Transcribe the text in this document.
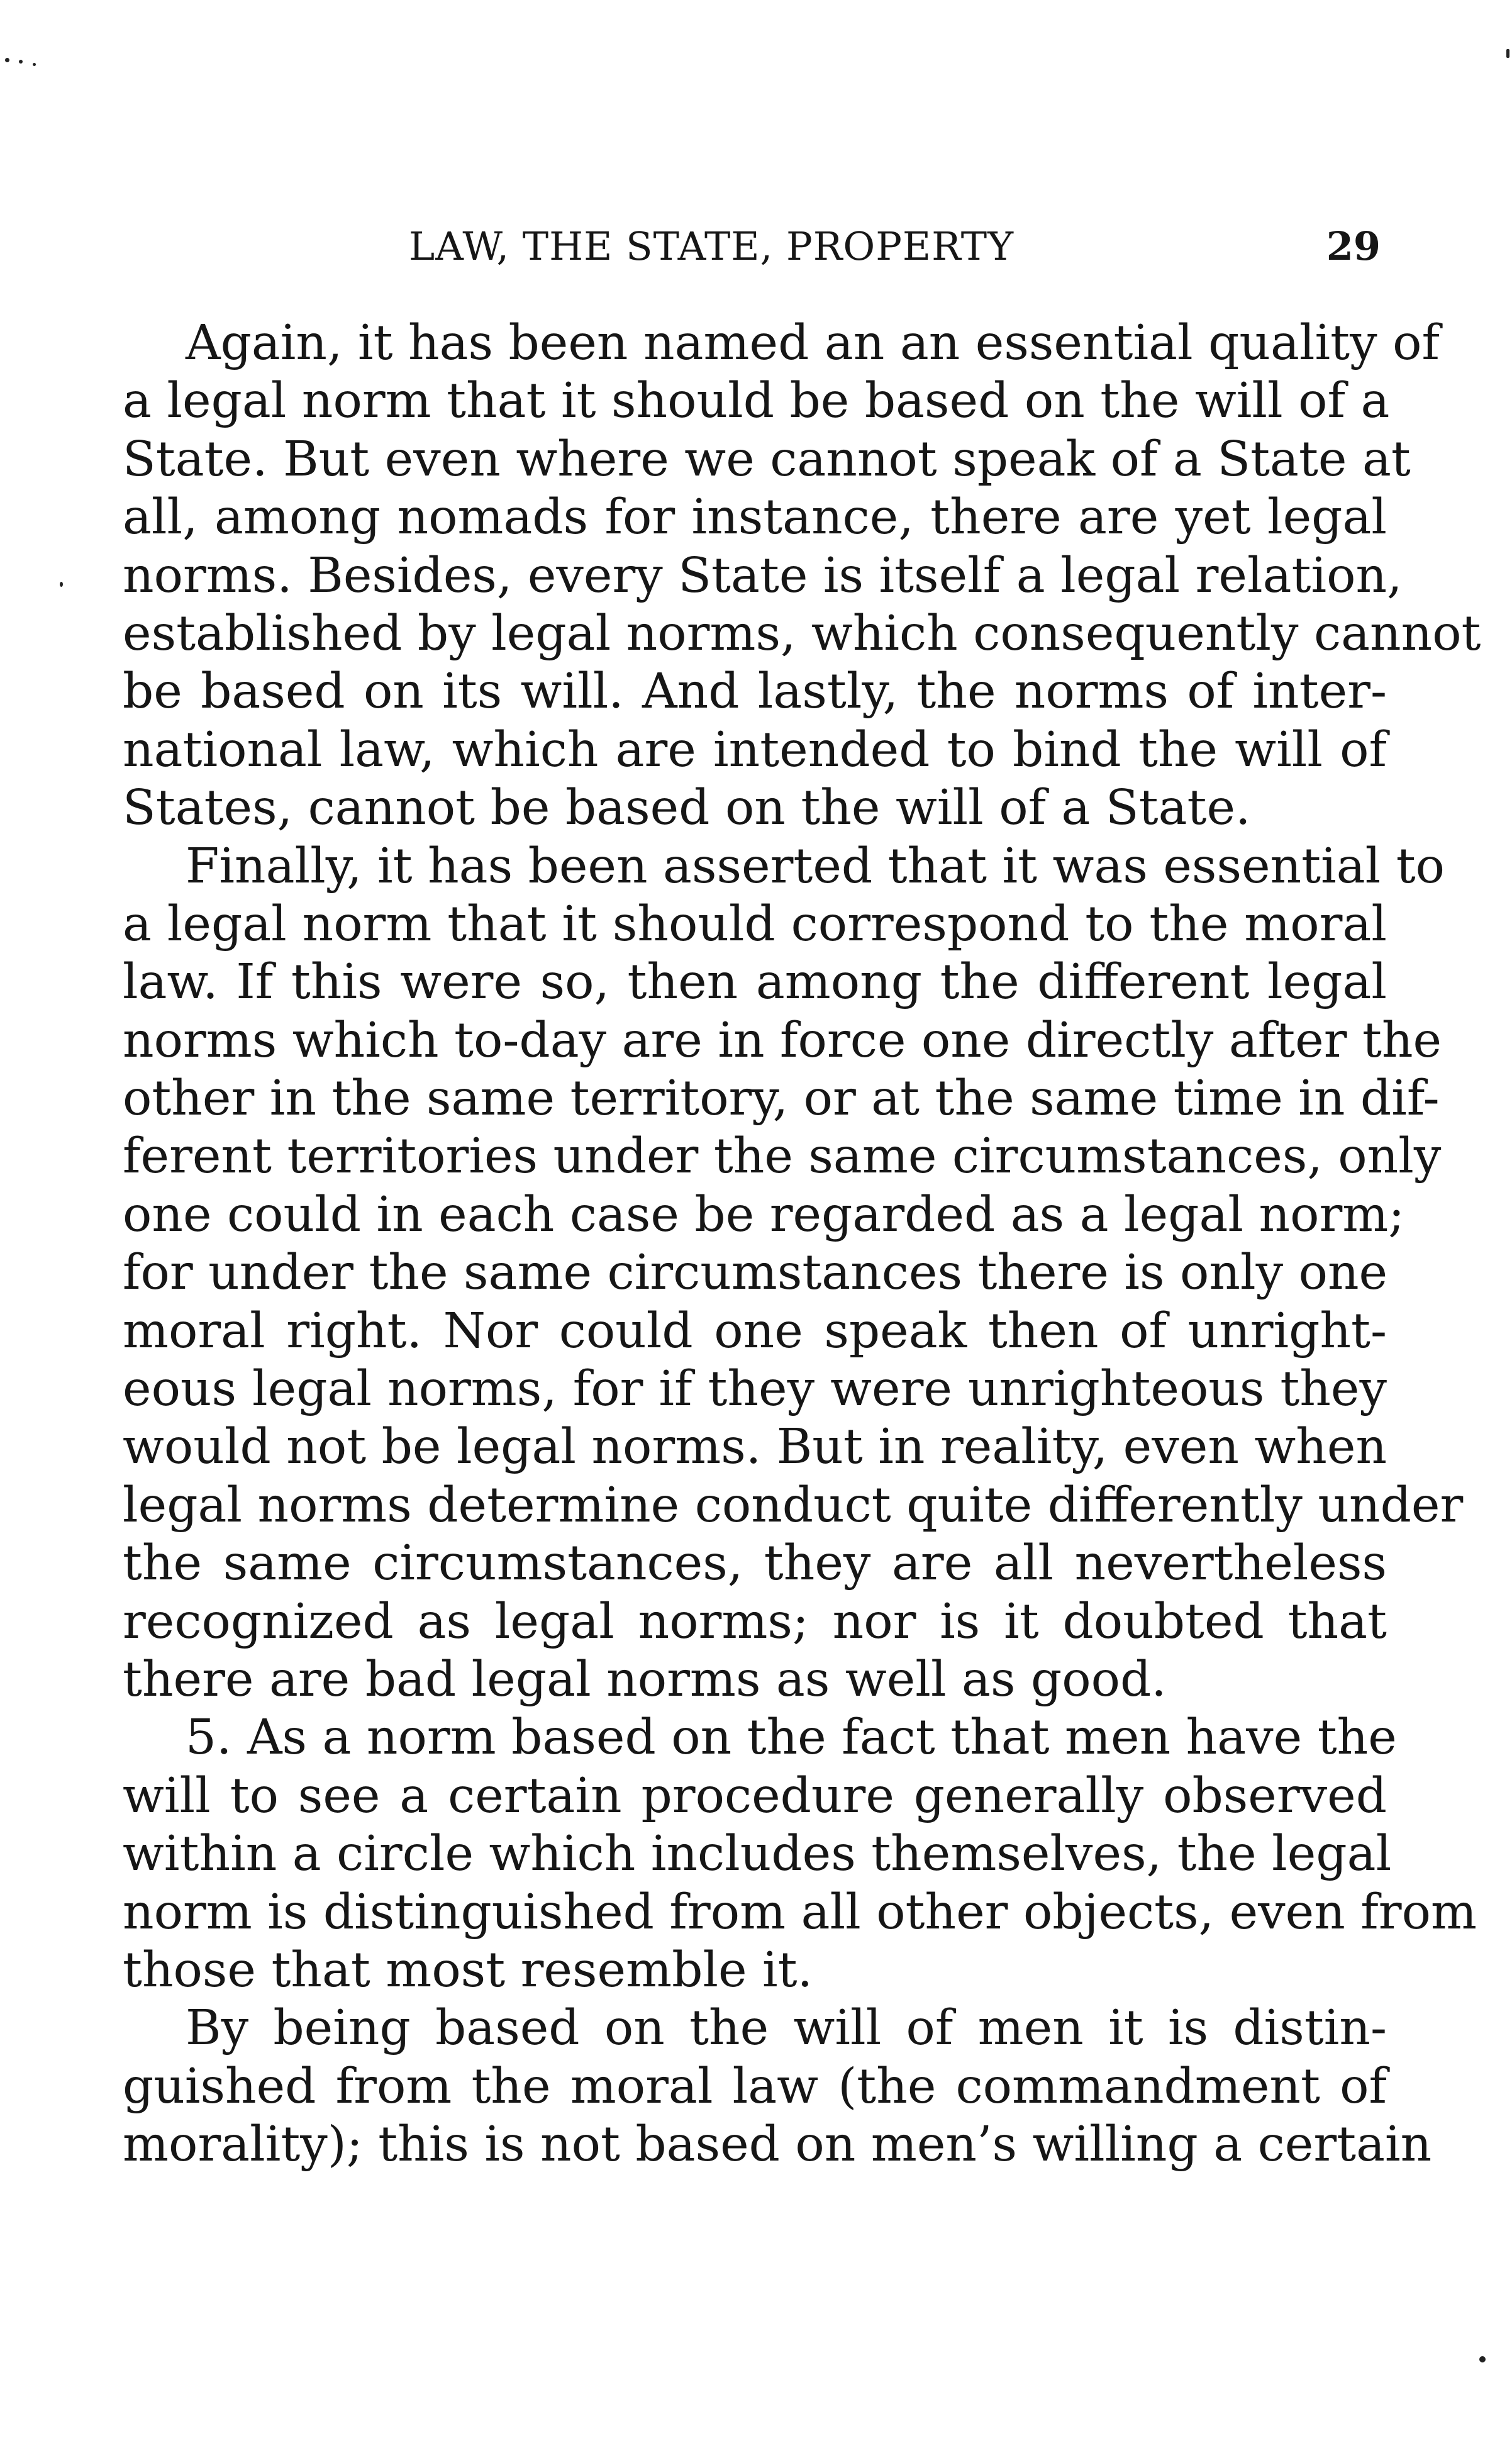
LAW, THE STATE, PROPERTY	29
Again, it has been named an an essential quality of
a legal norm that it should be based on the will of a
State. But even where we cannot speak of a State at
all, among nomads for instance, there are yet legal
norms. Besides, every State is itself a legal relation,
established by legal norms, which consequently cannot
be based on its will. And lastly, the norms of inter-
national law, which are intended to bind the will of
States, cannot be based on the will of a State.
Finally, it has been asserted that it was essential to
a legal norm that it should correspond to the moral
law. If this were so, then among the different legal
norms which to-day are in force one directly after the
other in the same territory, or at the same time in dif-
ferent territories under the same circumstances, only
one could in each case be regarded as a legal norm;
for under the same circumstances there is only one
moral right. Nor could one speak then of unright-
eous legal norms, for if they were unrighteous they
would not be legal norms. But in reality, even when
legal norms determine conduct quite differently under
the same circumstances, they are all nevertheless
recognized as legal norms; nor is it doubted that
there are bad legal norms as well as good.
5. As a norm based on the fact that men have the
will to see a certain procedure generally observed
within a circle which includes themselves, the legal
norm is distinguished from all other objects, even from
those that most resemble it.
By being based on the will of men it is distin-
guished from the moral law (the commandment of
morality); this is not based on men’s willing a certain
